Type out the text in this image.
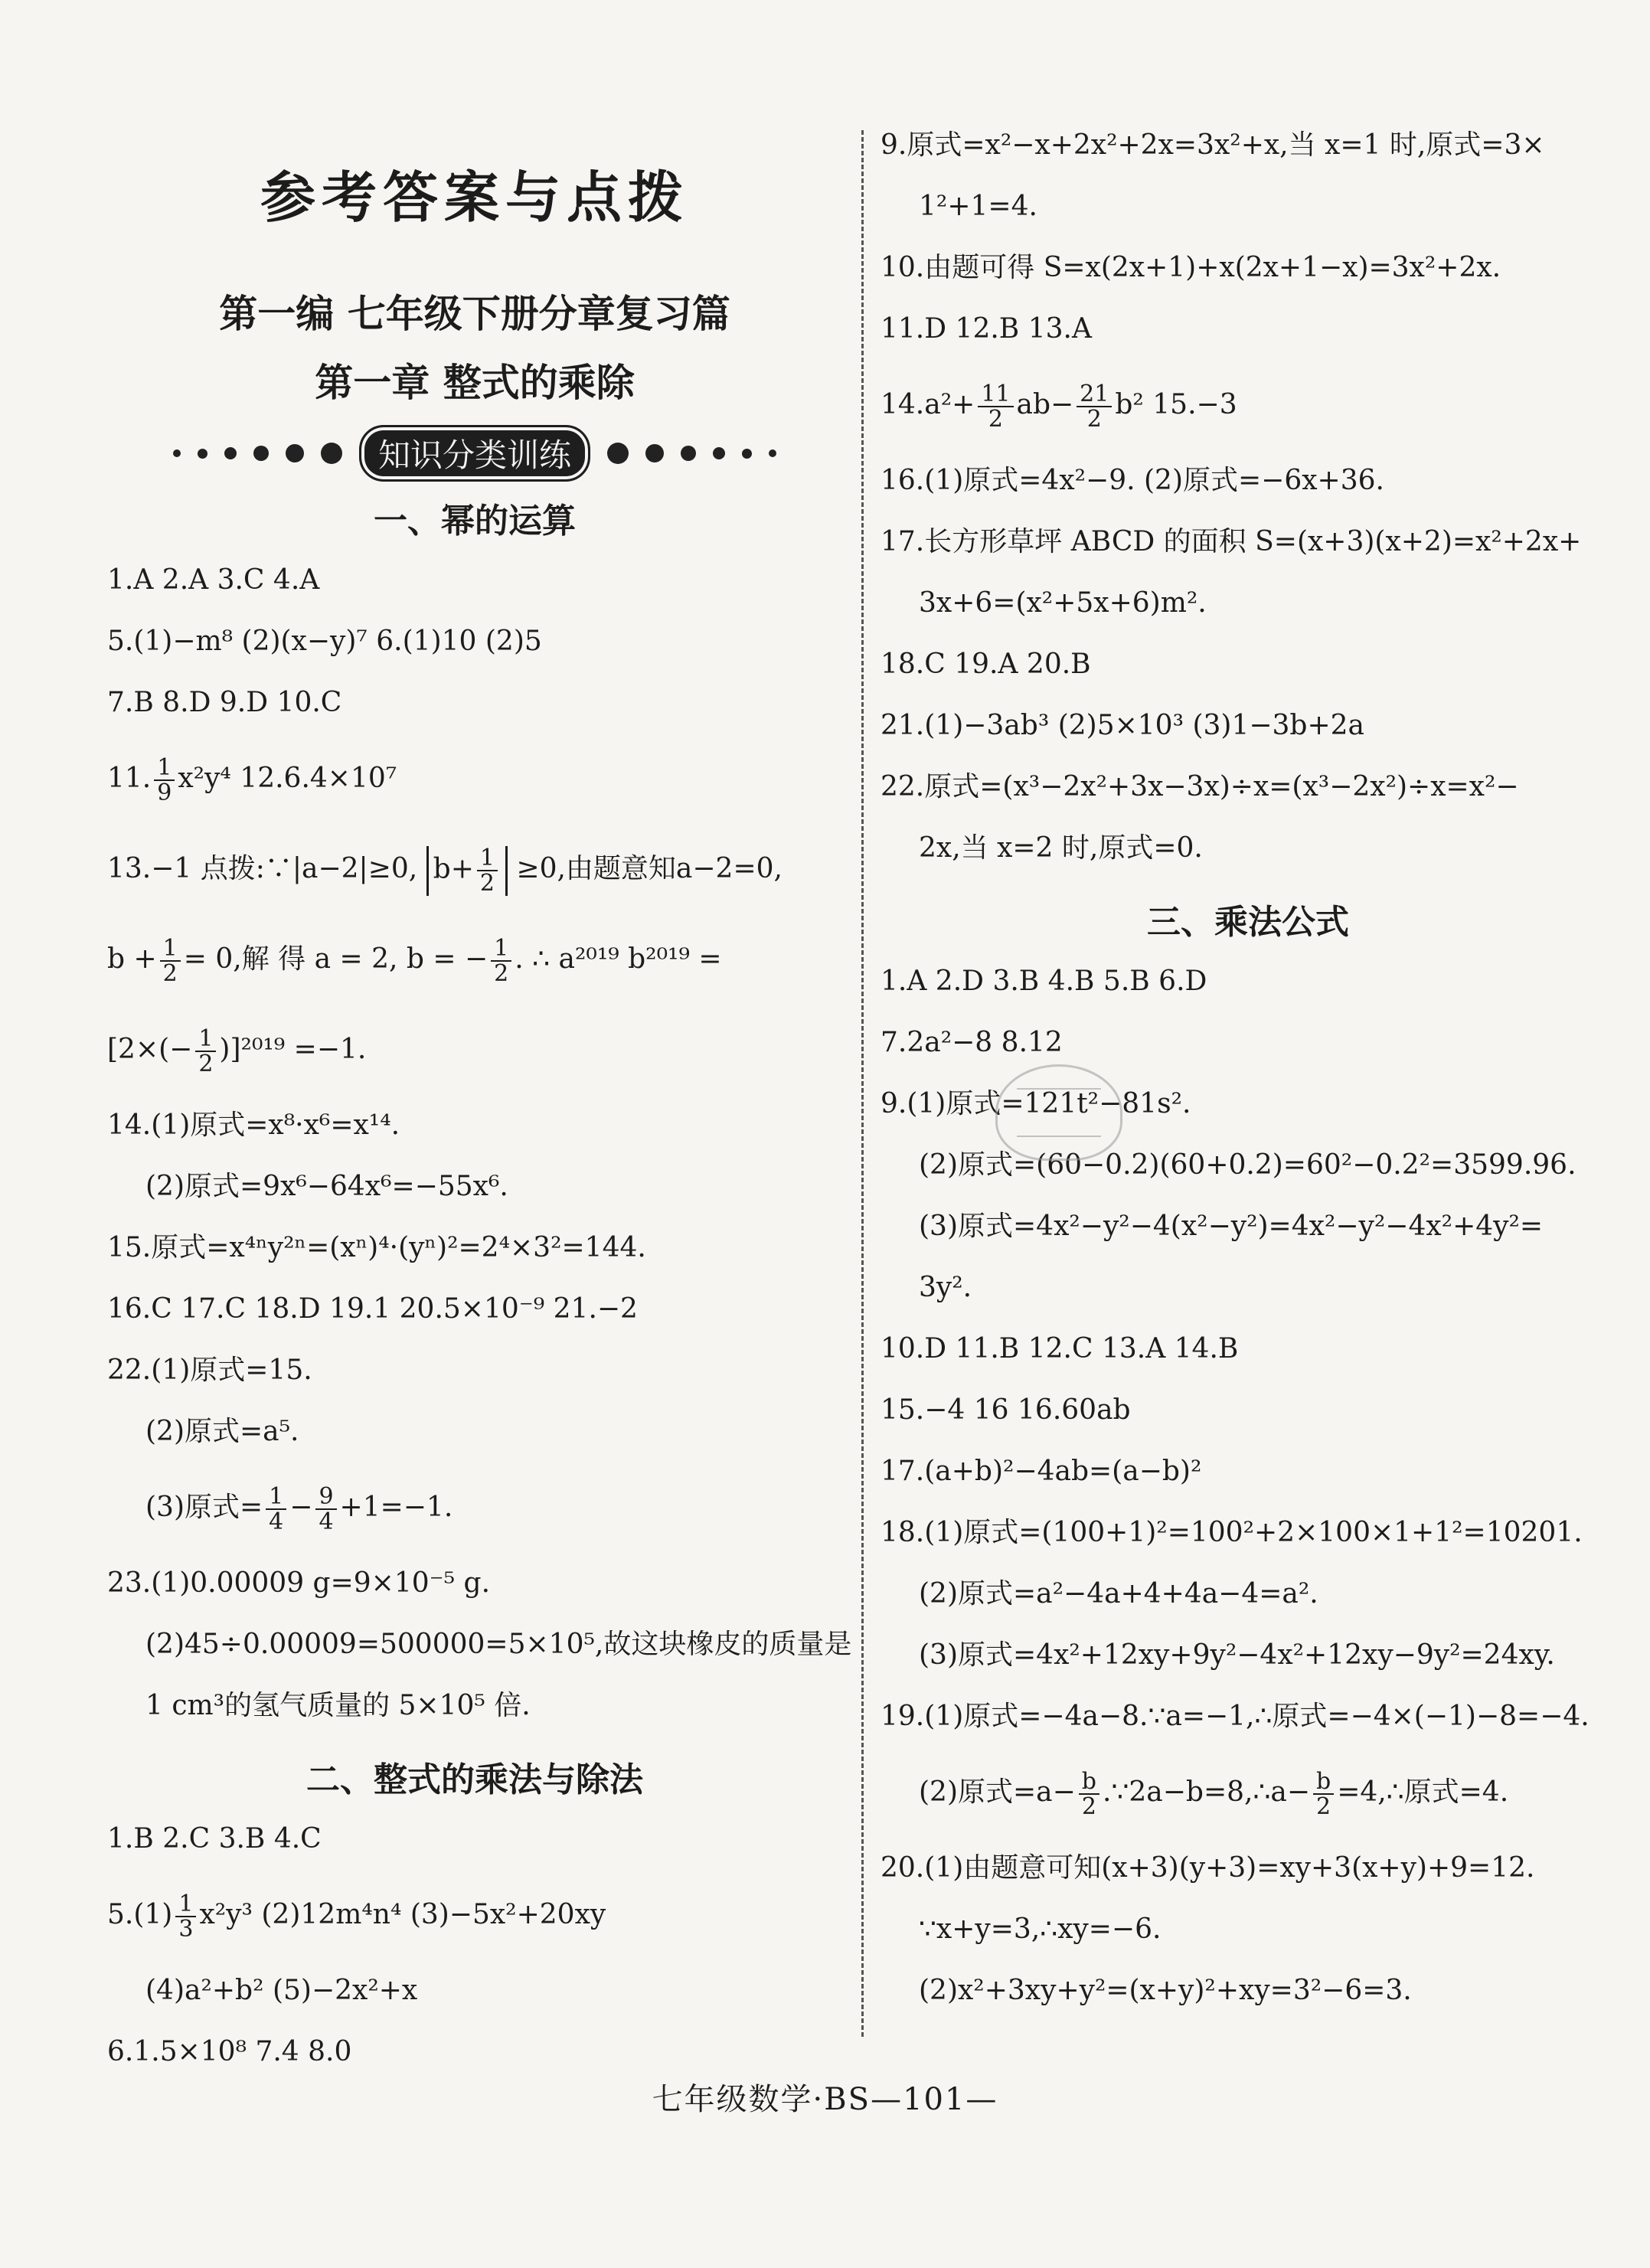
参考答案与点拨
第一编 七年级下册分章复习篇
第一章 整式的乘除
知识分类训练
一、幂的运算
1.A 2.A 3.C 4.A
5.(1)−m⁸ (2)(x−y)⁷ 6.(1)10 (2)5
7.B 8.D 9.D 10.C
11. $\frac{1}{9} x^2y^4$ 12.6.4×10⁷
13.−1 点拨:∵|a−2|≥0, $b+ \frac{1}{2} \ge 0$,由题意知a−2=0,
$b + \frac{1}{2} = 0$,解 得 a = 2, b = − $\frac{1}{2}$ . ∴ a²⁰¹⁹ b²⁰¹⁹ =
$[2\times(- \frac{1}{2} )]^{2019} =-1$.
14.(1)原式=x⁸·x⁶=x¹⁴.
(2)原式=9x⁶−64x⁶=−55x⁶.
15.原式=x⁴ⁿy²ⁿ=(xⁿ)⁴·(yⁿ)²=2⁴×3²=144.
16.C 17.C 18.D 19.1 20.5×10⁻⁹ 21.−2
22.(1)原式=15.
(2)原式=a⁵.
(3)原式= $\frac{1}{4} - \frac{9}{4} +1=-1$.
23.(1)0.00009 g=9×10⁻⁵ g.
(2)45÷0.00009=500000=5×10⁵,故这块橡皮的质量是
1 cm³的氢气质量的 5×10⁵ 倍.
二、整式的乘法与除法
1.B 2.C 3.B 4.C
$5.(1) \frac{1}{3} x^2y^3$ (2)12m⁴n⁴ (3)−5x²+20xy
(4)a²+b² (5)−2x²+x
6.1.5×10⁸ 7.4 8.0
9.原式=x²−x+2x²+2x=3x²+x,当 x=1 时,原式=3×
1²+1=4.
10.由题可得 S=x(2x+1)+x(2x+1−x)=3x²+2x.
11.D 12.B 13.A
$14.a^2+ \frac{11}{2} ab- \frac{21}{2} b^2$ 15.−3
16.(1)原式=4x²−9. (2)原式=−6x+36.
17.长方形草坪 ABCD 的面积 S=(x+3)(x+2)=x²+2x+
3x+6=(x²+5x+6)m².
18.C 19.A 20.B
21.(1)−3ab³ (2)5×10³ (3)1−3b+2a
22.原式=(x³−2x²+3x−3x)÷x=(x³−2x²)÷x=x²−
2x,当 x=2 时,原式=0.
三、乘法公式
1.A 2.D 3.B 4.B 5.B 6.D
7.2a²−8 8.12
9.(1)原式=121t²−81s².
(2)原式=(60−0.2)(60+0.2)=60²−0.2²=3599.96.
(3)原式=4x²−y²−4(x²−y²)=4x²−y²−4x²+4y²=
3y².
10.D 11.B 12.C 13.A 14.B
15.−4 16 16.60ab
17.(a+b)²−4ab=(a−b)²
18.(1)原式=(100+1)²=100²+2×100×1+1²=10201.
(2)原式=a²−4a+4+4a−4=a².
(3)原式=4x²+12xy+9y²−4x²+12xy−9y²=24xy.
19.(1)原式=−4a−8.∵a=−1,∴原式=−4×(−1)−8=−4.
(2)原式$=a- \frac{b}{2}$ .∵2a−b=8,∴a− $\frac{b}{2}$ =4,∴原式=4.
20.(1)由题意可知(x+3)(y+3)=xy+3(x+y)+9=12.
∵x+y=3,∴xy=−6.
(2)x²+3xy+y²=(x+y)²+xy=3²−6=3.
七年级数学·BS—101—
